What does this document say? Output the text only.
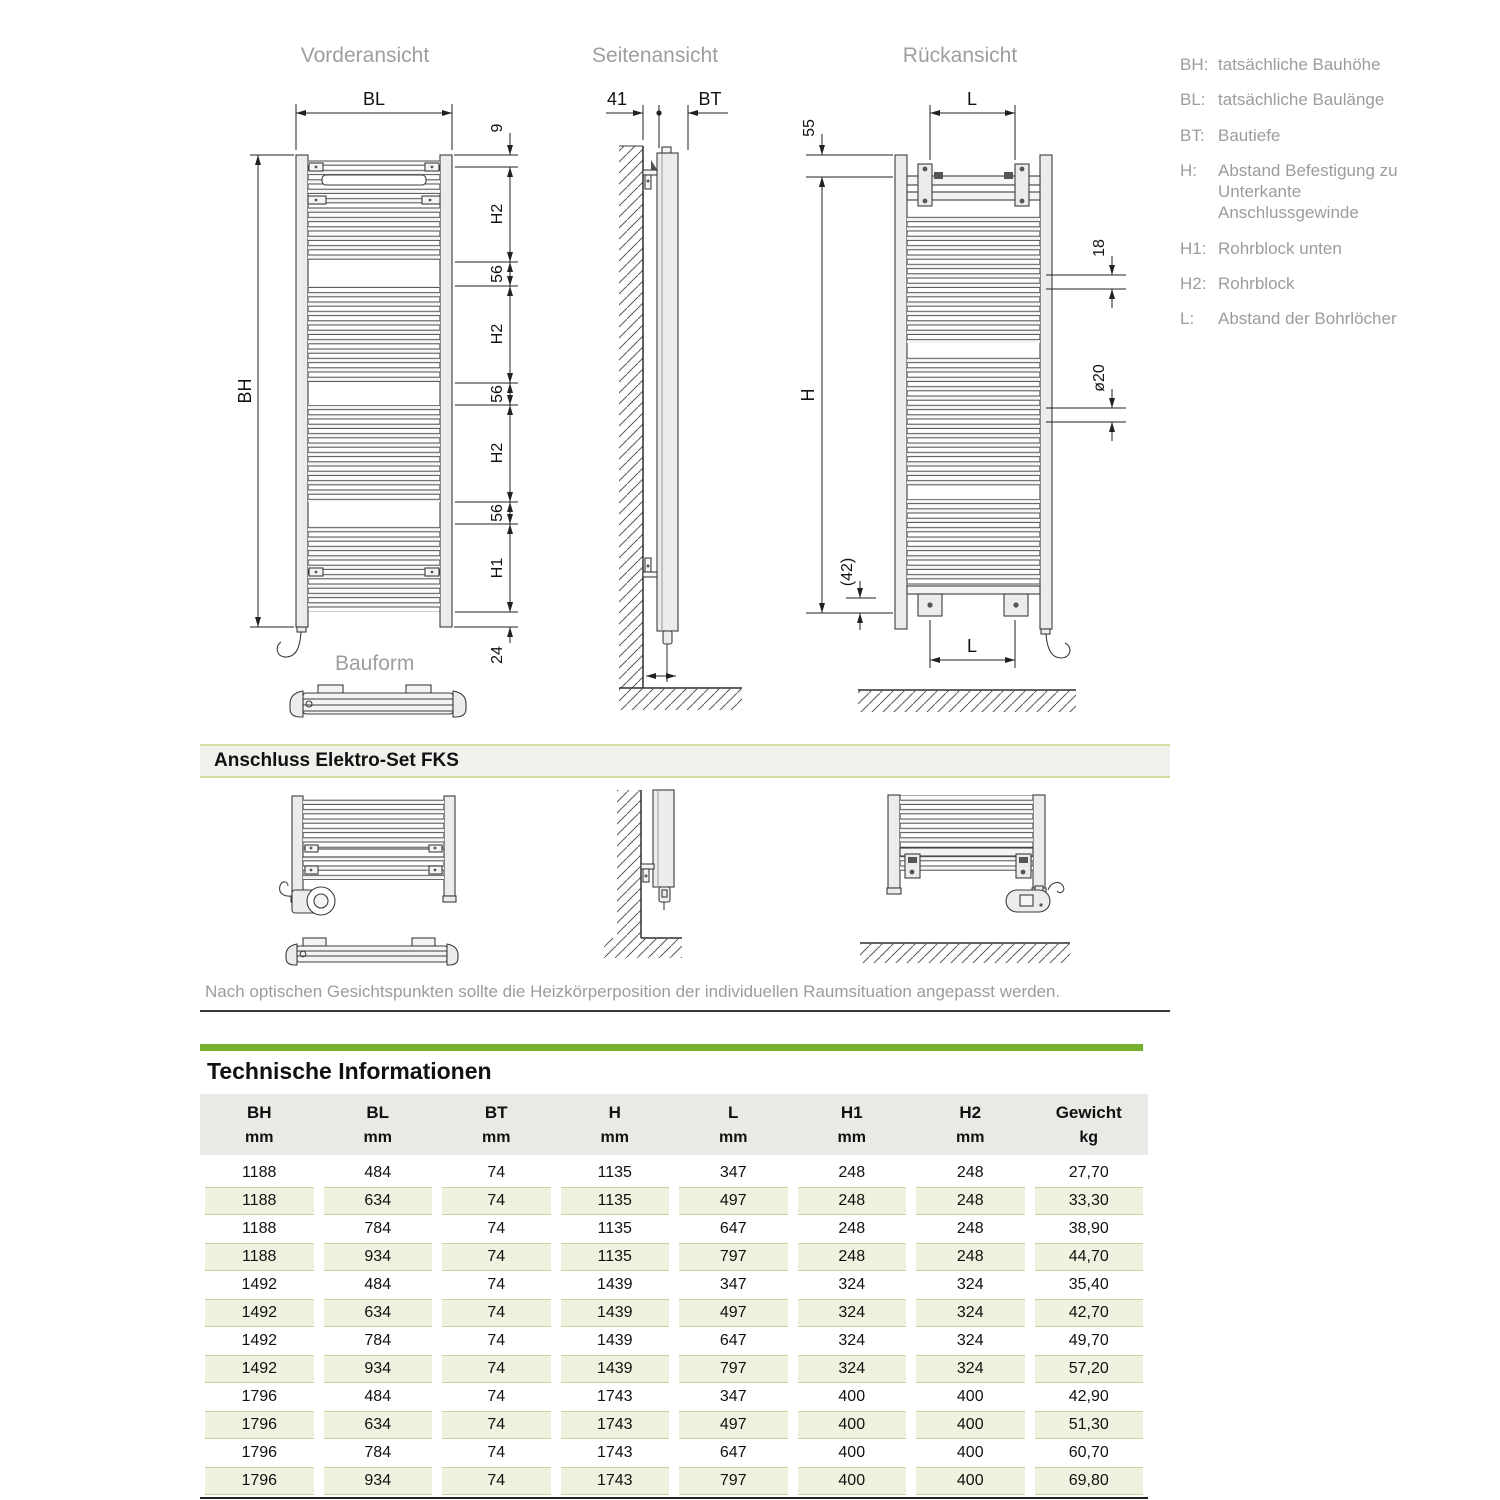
BL
BH
9
H2
56
H2
56
H2
56
H1
24
41	BT	L
55
H
18
ø20
(42)
L
Vorderansicht	Seitenansicht	Rückansicht
Bauform
BH: tatsächliche Bauhöhe
BL: tatsächliche Baulänge
BT: Bautiefe
H:	Abstand Befestigung zu Unterkante Anschlussgewinde
H1: Rohrblock unten
H2: Rohrblock
L:	Abstand der Bohrlöcher
Anschluss Elektro-Set FKS
Nach optischen Gesichtspunkten sollte die Heizkörperposition der individuellen Raumsituation angepasst werden.
Technische Informationen
BH
mm
BL
mm
BT
mm
H
mm
L
mm
H1
mm
H2
mm
Gewicht
kg
1188	484	74	1135	347	248	248	27,70
1188	634	74	1135	497	248	248	33,30
1188	784	74	1135	647	248	248	38,90
1188	934	74	1135	797	248	248	44,70
1492	484	74	1439	347	324	324	35,40
1492	634	74	1439	497	324	324	42,70
1492	784	74	1439	647	324	324	49,70
1492	934	74	1439	797	324	324	57,20
1796	484	74	1743	347	400	400	42,90
1796	634	74	1743	497	400	400	51,30
1796	784	74	1743	647	400	400	60,70
1796	934	74	1743	797	400	400	69,80
